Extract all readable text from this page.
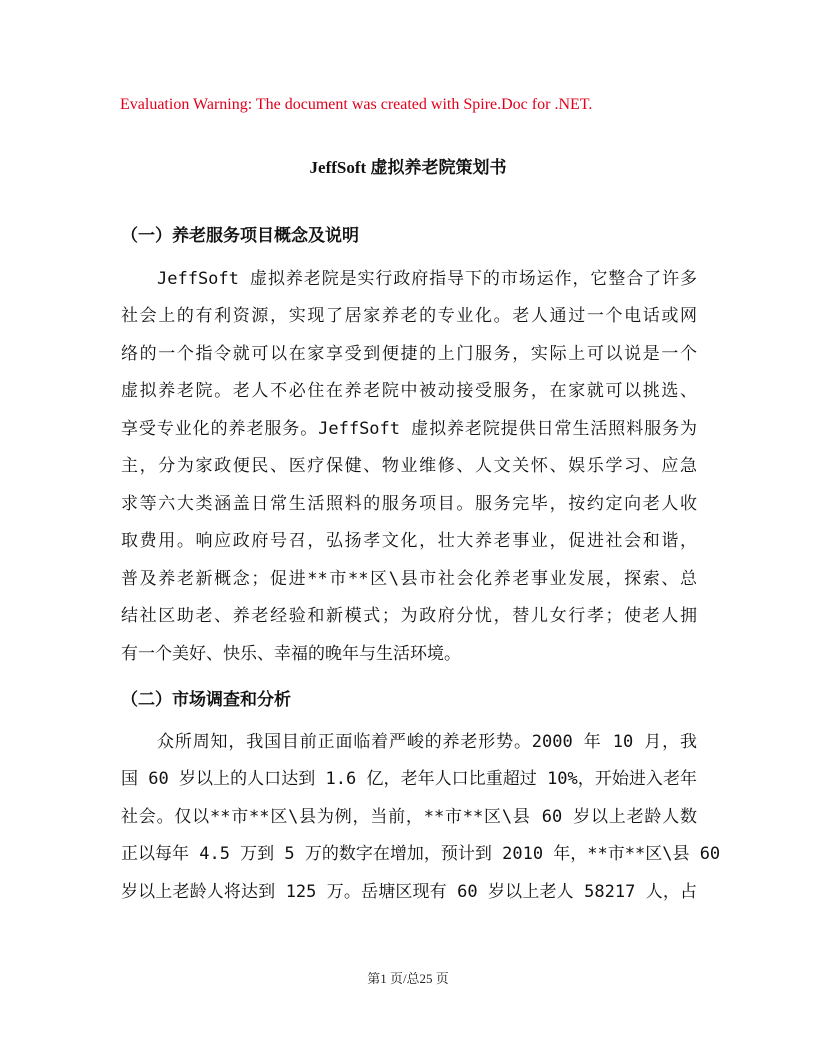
Evaluation Warning: The document was created with Spire.Doc for .NET.
JeffSoft 虚拟养老院策划书
（一）养老服务项目概念及说明
JeffSoft 虚拟养老院是实行政府指导下的市场运作，它整合了许多
社会上的有利资源，实现了居家养老的专业化。老人通过一个电话或网
络的一个指令就可以在家享受到便捷的上门服务，实际上可以说是一个
虚拟养老院。老人不必住在养老院中被动接受服务，在家就可以挑选、
享受专业化的养老服务。JeffSoft 虚拟养老院提供日常生活照料服务为
主，分为家政便民、医疗保健、物业维修、人文关怀、娱乐学习、应急
求等六大类涵盖日常生活照料的服务项目。服务完毕，按约定向老人收
取费用。响应政府号召，弘扬孝文化，壮大养老事业，促进社会和谐，
普及养老新概念；促进**市**区\县市社会化养老事业发展，探索、总
结社区助老、养老经验和新模式；为政府分忧，替儿女行孝；使老人拥
有一个美好、快乐、幸福的晚年与生活环境。
（二）市场调查和分析
众所周知，我国目前正面临着严峻的养老形势。2000 年 10 月，我
国 60 岁以上的人口达到 1.6 亿，老年人口比重超过 10%，开始进入老年
社会。仅以**市**区\县为例，当前，**市**区\县 60 岁以上老龄人数
正以每年 4.5 万到 5 万的数字在增加，预计到 2010 年，**市**区\县 60
岁以上老龄人将达到 125 万。岳塘区现有 60 岁以上老人 58217 人，占
第1 页/总25 页
